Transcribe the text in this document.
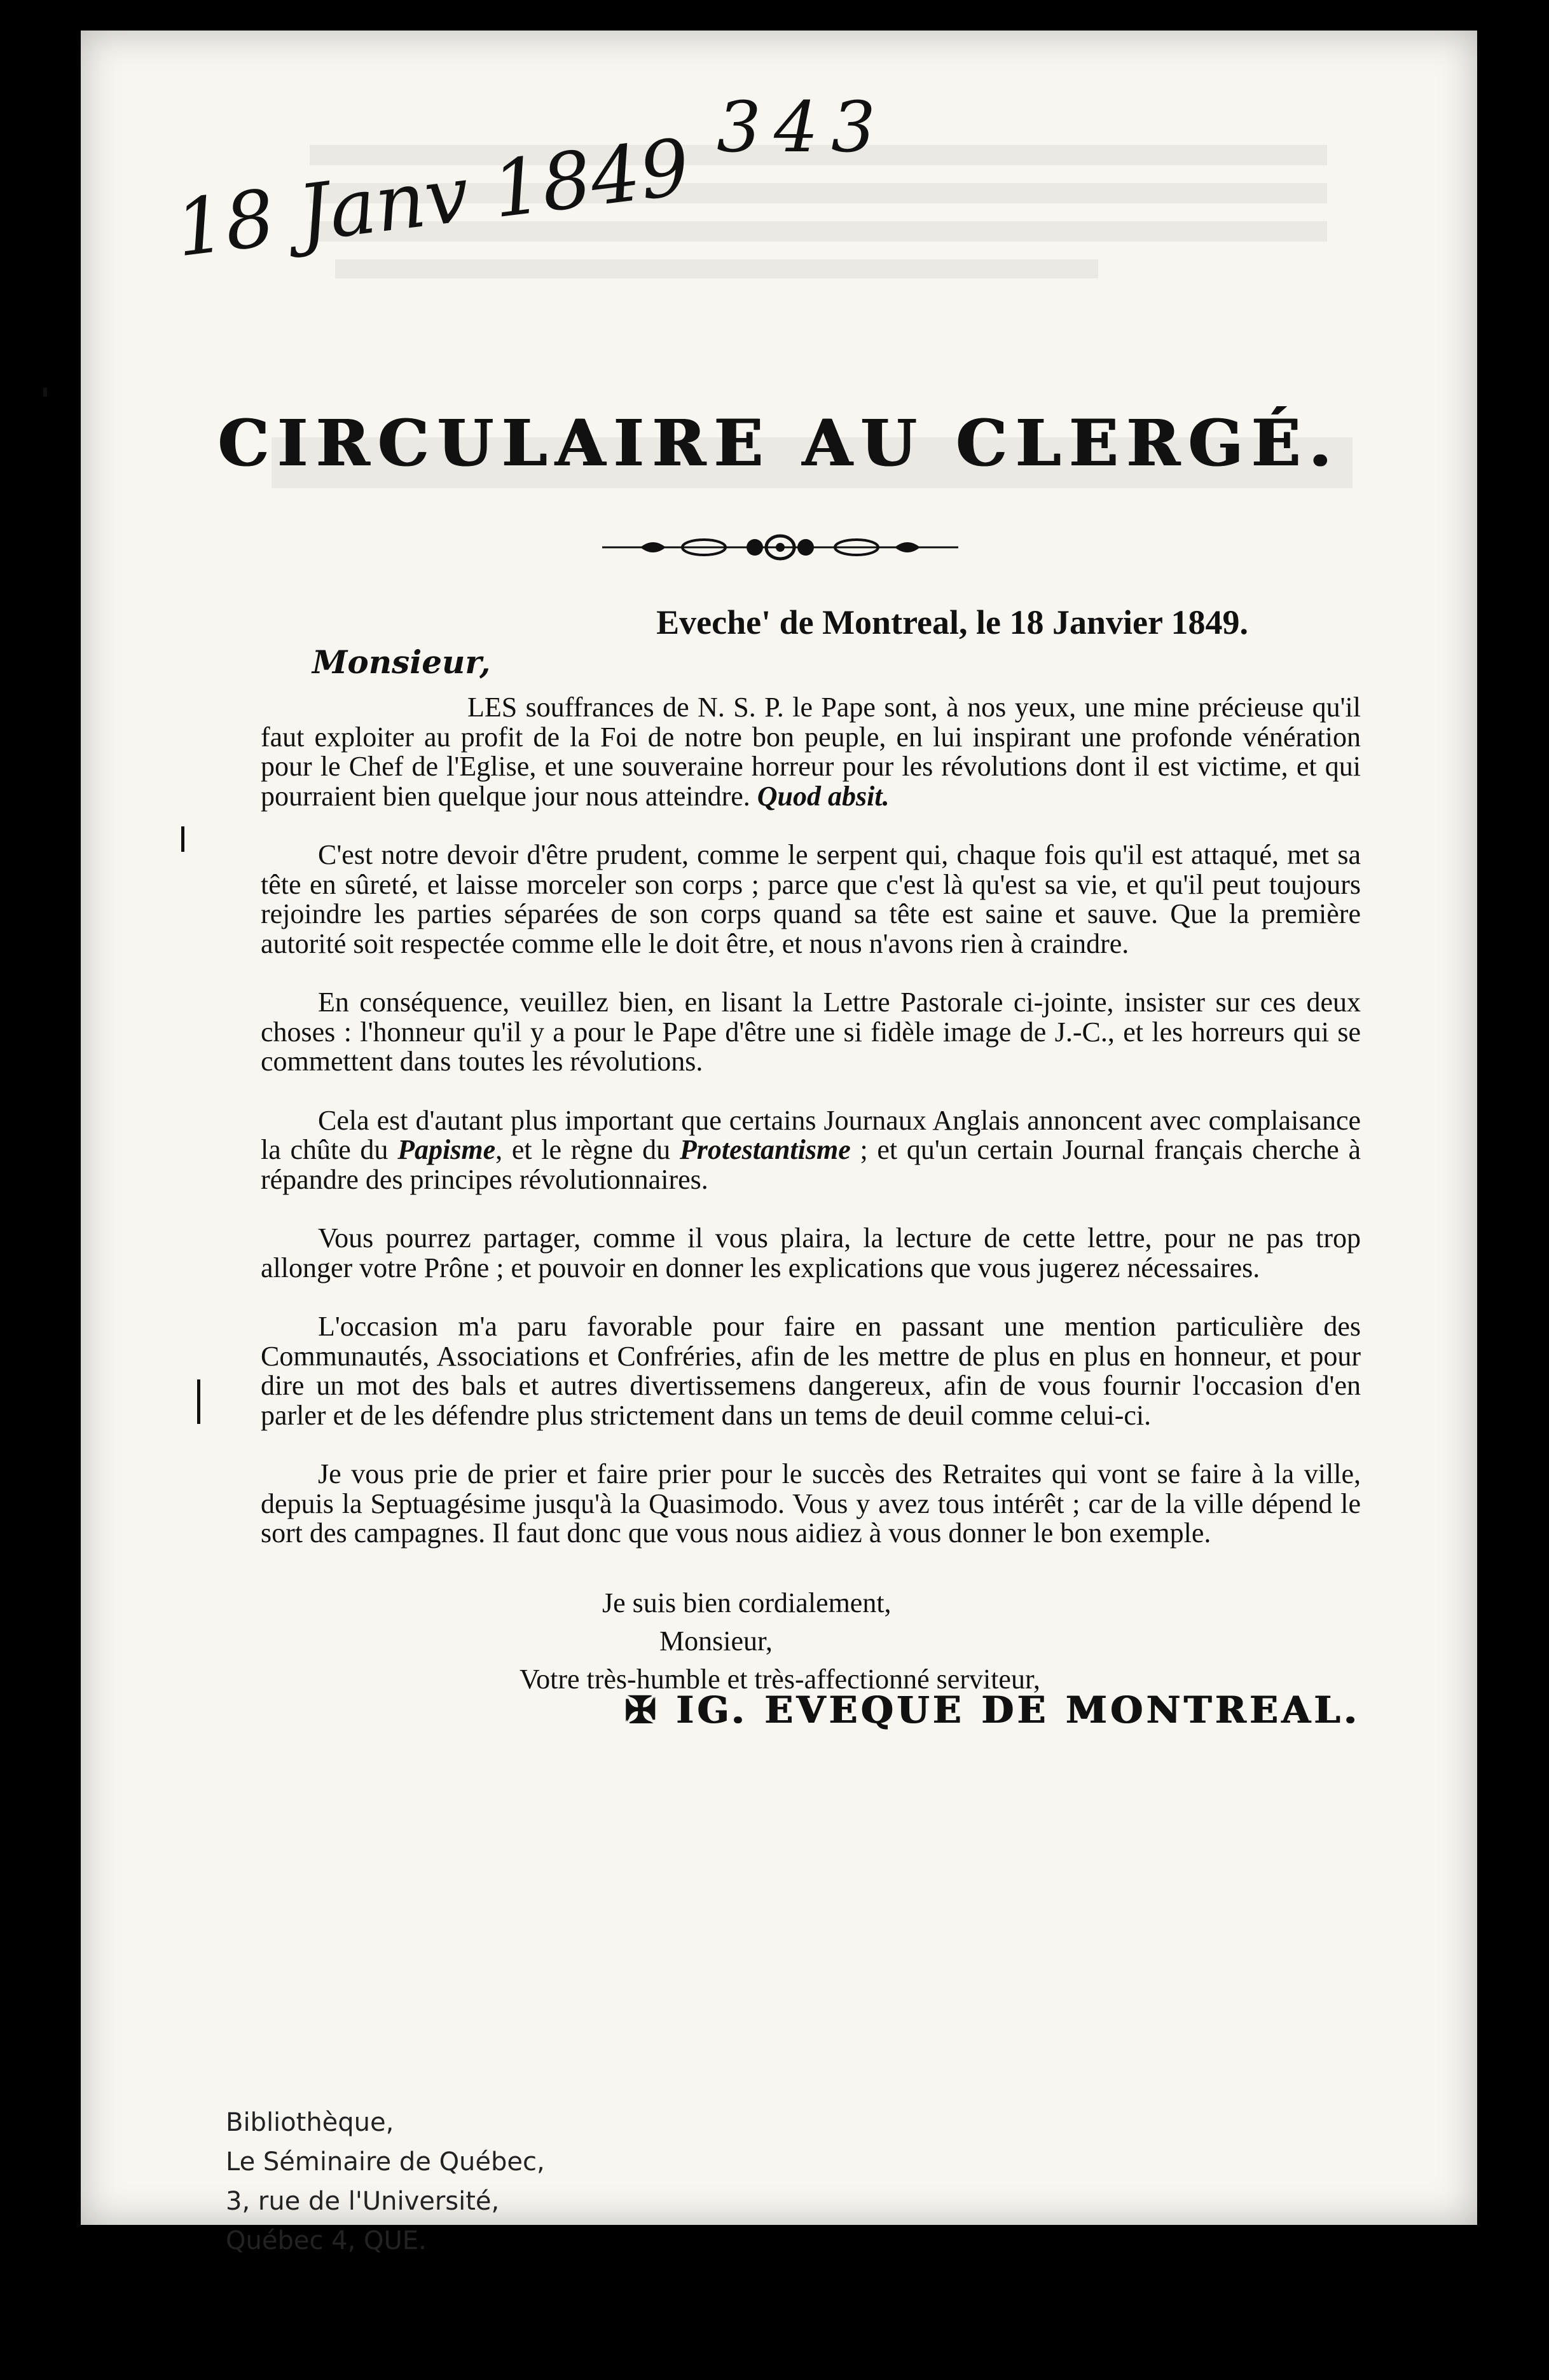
343
18 Janv 1849
CIRCULAIRE AU CLERGÉ.
Eveche' de Montreal, le 18 Janvier 1849.
Monsieur,

LES souffrances de N. S. P. le Pape sont, à nos yeux, une mine précieuse qu'il faut exploiter au profit de la Foi de notre bon peuple, en lui inspirant une profonde vénération pour le Chef de l'Eglise, et une souveraine horreur pour les révolutions dont il est victime, et qui pourraient bien quelque jour nous atteindre. Quod absit.

C'est notre devoir d'être prudent, comme le serpent qui, chaque fois qu'il est attaqué, met sa tête en sûreté, et laisse morceler son corps ; parce que c'est là qu'est sa vie, et qu'il peut toujours rejoindre les parties séparées de son corps quand sa tête est saine et sauve. Que la première autorité soit respectée comme elle le doit être, et nous n'avons rien à craindre.

En conséquence, veuillez bien, en lisant la Lettre Pastorale ci-jointe, insister sur ces deux choses : l'honneur qu'il y a pour le Pape d'être une si fidèle image de J.-C., et les horreurs qui se commettent dans toutes les révolutions.

Cela est d'autant plus important que certains Journaux Anglais annoncent avec complaisance la chûte du Papisme, et le règne du Protestantisme ; et qu'un certain Journal français cherche à répandre des principes révolutionnaires.

Vous pourrez partager, comme il vous plaira, la lecture de cette lettre, pour ne pas trop allonger votre Prône ; et pouvoir en donner les explications que vous jugerez nécessaires.

L'occasion m'a paru favorable pour faire en passant une mention particulière des Communautés, Associations et Confréries, afin de les mettre de plus en plus en honneur, et pour dire un mot des bals et autres divertissemens dangereux, afin de vous fournir l'occasion d'en parler et de les défendre plus strictement dans un tems de deuil comme celui-ci.

Je vous prie de prier et faire prier pour le succès des Retraites qui vont se faire à la ville, depuis la Septuagésime jusqu'à la Quasimodo. Vous y avez tous intérêt ; car de la ville dépend le sort des campagnes. Il faut donc que vous nous aidiez à vous donner le bon exemple.

Je suis bien cordialement,
Monsieur,
Votre très-humble et très-affectionné serviteur,
✠ IG. EVEQUE DE MONTREAL.
Bibliothèque,
Le Séminaire de Québec,
3, rue de l'Université,
Québec 4, QUE.
